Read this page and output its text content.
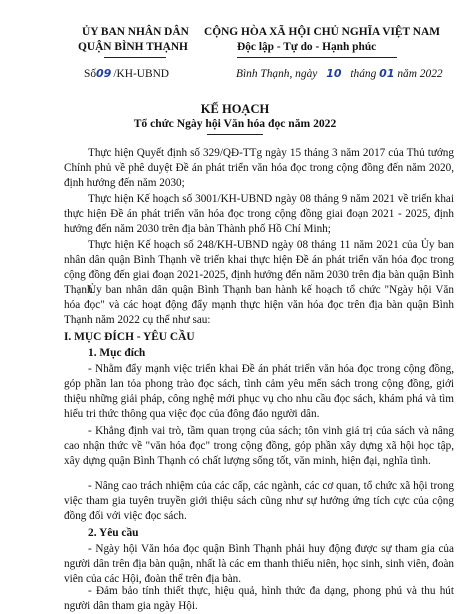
ỦY BAN NHÂN DÂN
QUẬN BÌNH THẠNH
CỘNG HÒA XÃ HỘI CHỦ NGHĨA VIỆT NAM
Độc lập - Tự do - Hạnh phúc
Số09 /KH-UBND	Bình Thạnh, ngày 10 tháng 01 năm 2022
KẾ HOẠCH
Tổ chức Ngày hội Văn hóa đọc năm 2022

Thực hiện Quyết định số 329/QĐ-TTg ngày 15 tháng 3 năm 2017 của Thủ tướng Chính phủ về phê duyệt Đề án phát triển văn hóa đọc trong cộng đồng đến năm 2020, định hướng đến năm 2030;

Thực hiện Kế hoạch số 3001/KH-UBND ngày 08 tháng 9 năm 2021 về triển khai thực hiện Đề án phát triển văn hóa đọc trong cộng đồng giai đoạn 2021 - 2025, định hướng đến năm 2030 trên địa bàn Thành phố Hồ Chí Minh;

Thực hiện Kế hoạch số 248/KH-UBND ngày 08 tháng 11 năm 2021 của Ủy ban nhân dân quận Bình Thạnh về triển khai thực hiện Đề án phát triển văn hóa đọc trong cộng đồng đến giai đoạn 2021-2025, định hướng đến năm 2030 trên địa bàn quận Bình Thạnh.

Ủy ban nhân dân quận Bình Thạnh ban hành kế hoạch tổ chức "Ngày hội Văn hóa đọc" và các hoạt động đẩy mạnh thực hiện văn hóa đọc trên địa bàn quận Bình Thạnh năm 2022 cụ thể như sau:

I. MỤC ĐÍCH - YÊU CẦU
1. Mục đích

- Nhằm đẩy mạnh việc triển khai Đề án phát triển văn hóa đọc trong cộng đồng, góp phần lan tỏa phong trào đọc sách, tình cảm yêu mến sách trong cộng đồng, giới thiệu những giải pháp, công nghệ mới phục vụ cho nhu cầu đọc sách, khám phá và tìm hiểu tri thức thông qua việc đọc của đông đảo người dân.

- Khẳng định vai trò, tầm quan trọng của sách; tôn vinh giá trị của sách và nâng cao nhận thức về "văn hóa đọc" trong cộng đồng, góp phần xây dựng xã hội học tập, xây dựng quận Bình Thạnh có chất lượng sống tốt, văn minh, hiện đại, nghĩa tình.

- Nâng cao trách nhiệm của các cấp, các ngành, các cơ quan, tổ chức xã hội trong việc tham gia tuyên truyền giới thiệu sách cũng như sự hưởng ứng tích cực của cộng đồng đối với việc đọc sách.

2. Yêu cầu

- Ngày hội Văn hóa đọc quận Bình Thạnh phải huy động được sự tham gia của người dân trên địa bàn quận, nhất là các em thanh thiếu niên, học sinh, sinh viên, đoàn viên của các Hội, đoàn thể trên địa bàn.

- Đảm bảo tính thiết thực, hiệu quả, hình thức đa dạng, phong phú và thu hút người dân tham gia ngày Hội.
